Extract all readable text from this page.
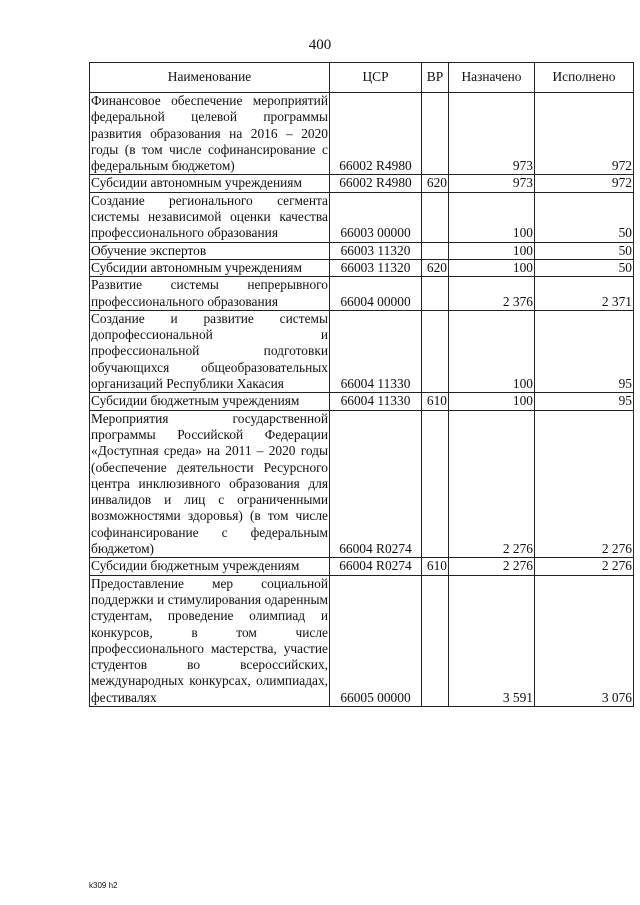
400
Наименование	ЦСР	ВР	Назначено	Исполнено
Финансовое обеспечение мероприятий федеральной целевой программы развития образования на 2016 – 2020 годы (в том числе софинансирование с федеральным бюджетом)	66002 R4980		973	972
Субсидии автономным учреждениям	66002 R4980	620	973	972
Создание регионального сегмента системы независимой оценки качества профессионального образования	66003 00000		100	50
Обучение экспертов	66003 11320		100	50
Субсидии автономным учреждениям	66003 11320	620	100	50
Развитие системы непрерывного профессионального образования	66004 00000		2 376	2 371
Создание и развитие системы допрофессиональной и профессиональной подготовки обучающихся общеобразовательных организаций Республики Хакасия	66004 11330		100	95
Субсидии бюджетным учреждениям	66004 11330	610	100	95
Мероприятия государственной программы Российской Федерации «Доступная среда» на 2011 – 2020 годы (обеспечение деятельности Ресурсного центра инклюзивного образования для инвалидов и лиц с ограниченными возможностями здоровья) (в том числе софинансирование с федеральным бюджетом)	66004 R0274		2 276	2 276
Субсидии бюджетным учреждениям	66004 R0274	610	2 276	2 276
Предоставление мер социальной поддержки и стимулирования одаренным студентам, проведение олимпиад и конкурсов, в том числе профессионального мастерства, участие студентов во всероссийских, международных конкурсах, олимпиадах, фестивалях	66005 00000		3 591	3 076
k309 h2
